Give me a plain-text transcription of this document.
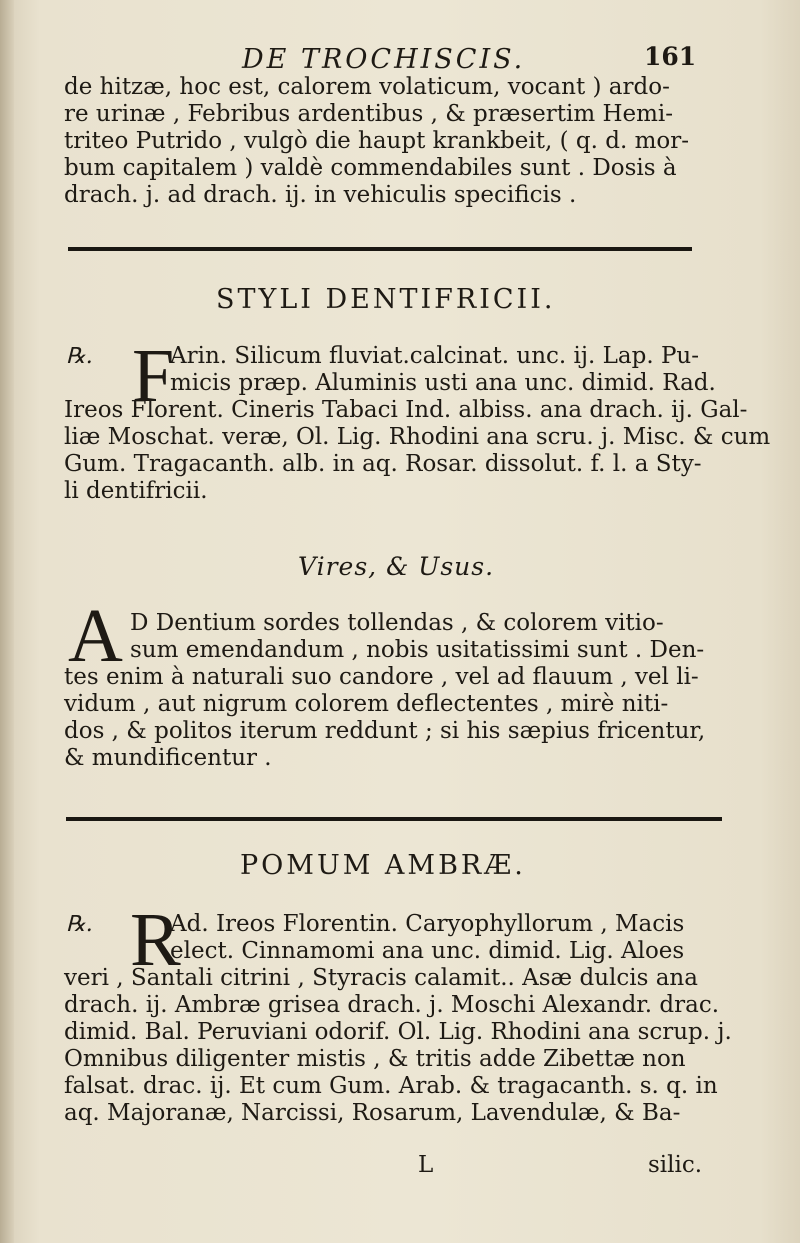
DE TROCHISCIS.	161
de hitzæ, hoc est, calorem volaticum, vocant ) ardo-
re urinæ , Febribus ardentibus , & præsertim Hemi-
triteo Putrido , vulgò die haupt krankbeit, ( q. d. mor-
bum capitalem ) valdè commendabiles sunt . Dosis à
drach. j. ad drach. ij. in vehiculis specificis .
STYLI DENTIFRICII.
℞. F
Arin. Silicum fluviat.calcinat. unc. ij. Lap. Pu-
micis præp. Aluminis usti ana unc. dimid. Rad.
Ireos Florent. Cineris Tabaci Ind. albiss. ana drach. ij. Gal-
liæ Moschat. veræ, Ol. Lig. Rhodini ana scru. j. Misc. & cum
Gum. Tragacanth. alb. in aq. Rosar. dissolut. f. l. a Sty-
li dentifricii.
Vires, & Usus.
A D Dentium sordes tollendas , & colorem vitio-
sum emendandum , nobis usitatissimi sunt . Den-
tes enim à naturali suo candore , vel ad flauum , vel li-
vidum , aut nigrum colorem deflectentes , mirè niti-
dos , & politos iterum reddunt ; si his sæpius fricentur,
& mundificentur .
POMUM AMBRÆ.
℞. R
Ad. Ireos Florentin. Caryophyllorum , Macis
elect. Cinnamomi ana unc. dimid. Lig. Aloes
veri , Santali citrini , Styracis calamit.. Asæ dulcis ana
drach. ij. Ambræ grisea drach. j. Moschi Alexandr. drac.
dimid. Bal. Peruviani odorif. Ol. Lig. Rhodini ana scrup. j.
Omnibus diligenter mistis , & tritis adde Zibettæ non
falsat. drac. ij. Et cum Gum. Arab. & tragacanth. s. q. in
aq. Majoranæ, Narcissi, Rosarum, Lavendulæ, & Ba-
L	silic.
